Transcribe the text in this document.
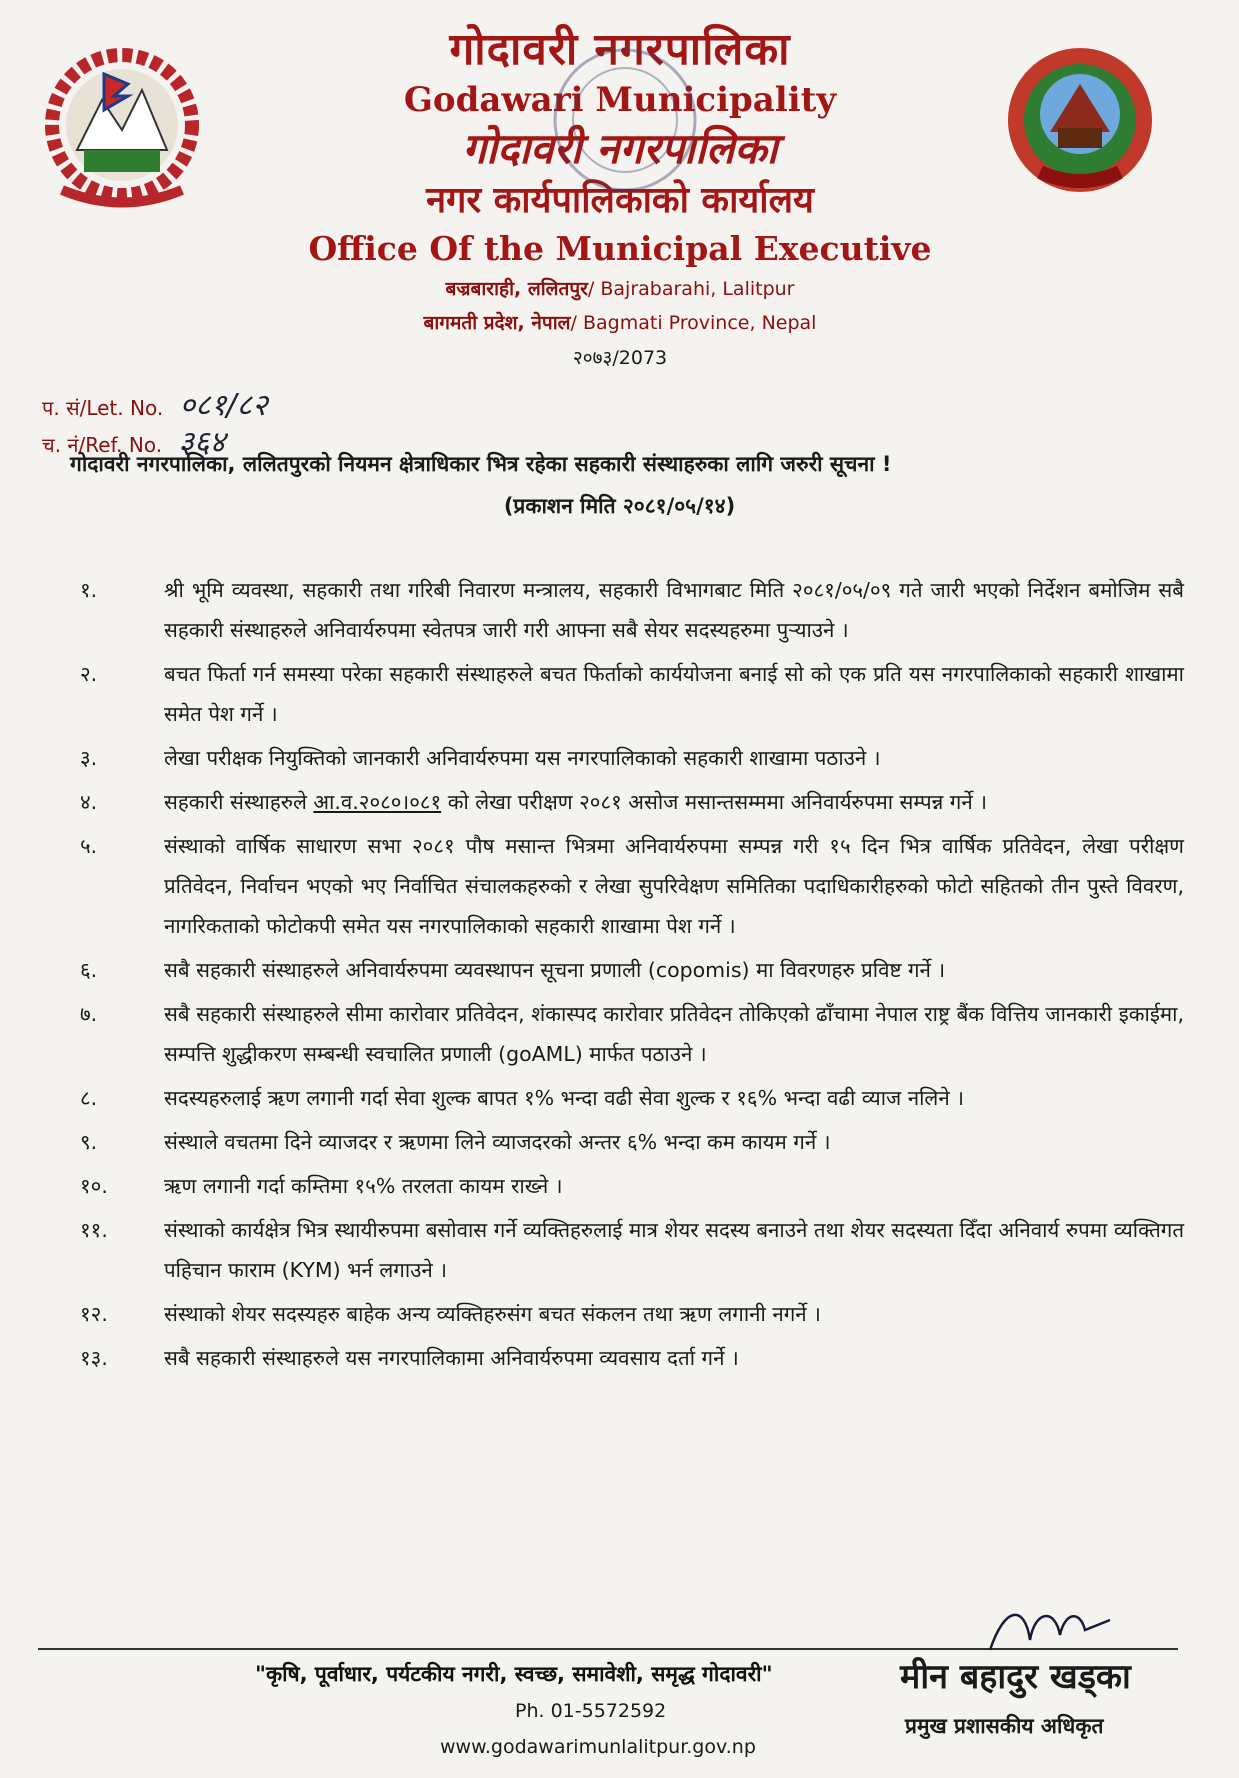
गोदावरी नगरपालिका
Godawari Municipality
गोदावरी नगरपालिका
नगर कार्यपालिकाको कार्यालय
Office Of the Municipal Executive
बज्रबाराही, ललितपुर/ Bajrabarahi, Lalitpur
बागमती प्रदेश, नेपाल/ Bagmati Province, Nepal
२०७३/2073
प. सं/Let. No. ०८१/८२
च. नं/Ref. No. ३६४
गोदावरी नगरपालिका, ललितपुरको नियमन क्षेत्राधिकार भित्र रहेका सहकारी संस्थाहरुका लागि जरुरी सूचना !
(प्रकाशन मिति २०८१/०५/१४)
१.	श्री भूमि व्यवस्था, सहकारी तथा गरिबी निवारण मन्त्रालय, सहकारी विभागबाट मिति २०८१/०५/०९ गते जारी भएको निर्देशन बमोजिम सबै सहकारी संस्थाहरुले अनिवार्यरुपमा स्वेतपत्र जारी गरी आफ्ना सबै सेयर सदस्यहरुमा पुऱ्याउने ।
२.	बचत फिर्ता गर्न समस्या परेका सहकारी संस्थाहरुले बचत फिर्ताको कार्ययोजना बनाई सो को एक प्रति यस नगरपालिकाको सहकारी शाखामा समेत पेश गर्ने ।
३.	लेखा परीक्षक नियुक्तिको जानकारी अनिवार्यरुपमा यस नगरपालिकाको सहकारी शाखामा पठाउने ।
४.	सहकारी संस्थाहरुले आ.व.२०८०।०८१ को लेखा परीक्षण २०८१ असोज मसान्तसम्ममा अनिवार्यरुपमा सम्पन्न गर्ने ।
५.	संस्थाको वार्षिक साधारण सभा २०८१ पौष मसान्त भित्रमा अनिवार्यरुपमा सम्पन्न गरी १५ दिन भित्र वार्षिक प्रतिवेदन, लेखा परीक्षण प्रतिवेदन, निर्वाचन भएको भए निर्वाचित संचालकहरुको र लेखा सुपरिवेक्षण समितिका पदाधिकारीहरुको फोटो सहितको तीन पुस्ते विवरण, नागरिकताको फोटोकपी समेत यस नगरपालिकाको सहकारी शाखामा पेश गर्ने ।
६.	सबै सहकारी संस्थाहरुले अनिवार्यरुपमा व्यवस्थापन सूचना प्रणाली (copomis) मा विवरणहरु प्रविष्ट गर्ने ।
७.	सबै सहकारी संस्थाहरुले सीमा कारोवार प्रतिवेदन, शंकास्पद कारोवार प्रतिवेदन तोकिएको ढाँचामा नेपाल राष्ट्र बैंक वित्तिय जानकारी इकाईमा, सम्पत्ति शुद्धीकरण सम्बन्धी स्वचालित प्रणाली (goAML) मार्फत पठाउने ।
८.	सदस्यहरुलाई ऋण लगानी गर्दा सेवा शुल्क बापत १% भन्दा वढी सेवा शुल्क र १६% भन्दा वढी व्याज नलिने ।
९.	संस्थाले वचतमा दिने व्याजदर र ऋणमा लिने व्याजदरको अन्तर ६% भन्दा कम कायम गर्ने ।
१०.	ऋण लगानी गर्दा कम्तिमा १५% तरलता कायम राख्ने ।
११.	संस्थाको कार्यक्षेत्र भित्र स्थायीरुपमा बसोवास गर्ने व्यक्तिहरुलाई मात्र शेयर सदस्य बनाउने तथा शेयर सदस्यता दिँदा अनिवार्य रुपमा व्यक्तिगत पहिचान फाराम (KYM) भर्न लगाउने ।
१२.	संस्थाको शेयर सदस्यहरु बाहेक अन्य व्यक्तिहरुसंग बचत संकलन तथा ऋण लगानी नगर्ने ।
१३.	सबै सहकारी संस्थाहरुले यस नगरपालिकामा अनिवार्यरुपमा व्यवसाय दर्ता गर्ने ।
"कृषि, पूर्वाधार, पर्यटकीय नगरी, स्वच्छ, समावेशी, समृद्ध गोदावरी"
Ph. 01-5572592
www.godawarimunlalitpur.gov.np
मीन बहादुर खड्का
प्रमुख प्रशासकीय अधिकृत
